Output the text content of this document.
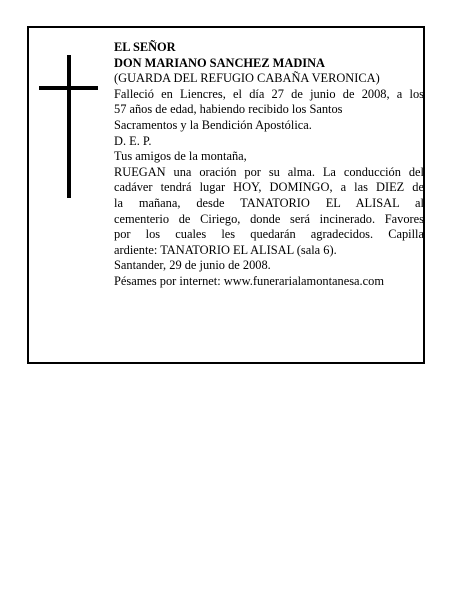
EL SEÑOR
DON MARIANO SANCHEZ MADINA
(GUARDA DEL REFUGIO CABAÑA VERONICA)
Falleció en Liencres, el día 27 de junio de 2008, a los
57 años de edad, habiendo recibido los Santos
Sacramentos y la Bendición Apostólica.
D. E. P.
Tus amigos de la montaña,
RUEGAN una oración por su alma. La conducción del
cadáver tendrá lugar HOY, DOMINGO, a las DIEZ de
la mañana, desde TANATORIO EL ALISAL al
cementerio de Ciriego, donde será incinerado. Favores
por los cuales les quedarán agradecidos. Capilla
ardiente: TANATORIO EL ALISAL (sala 6).
Santander, 29 de junio de 2008.
Pésames por internet: www.funerarialamontanesa.com
